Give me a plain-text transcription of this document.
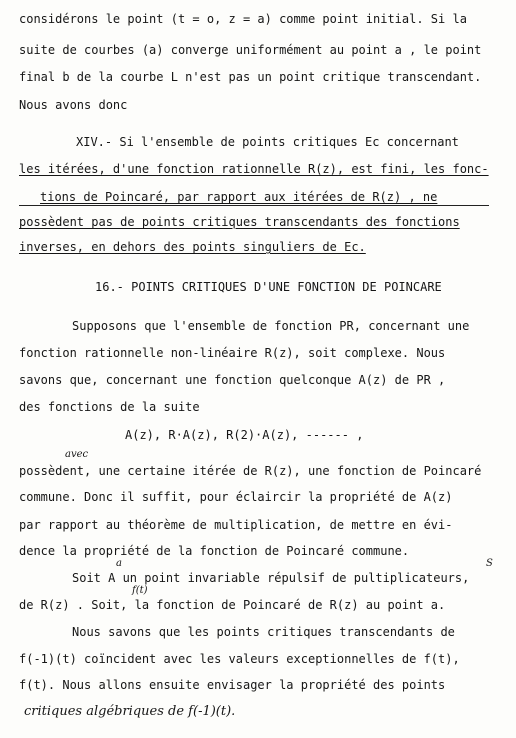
considérons le point (t = o, z = a) comme point initial. Si la
suite de courbes (a) converge uniformément au point a , le point
final b de la courbe L n'est pas un point critique transcendant.
Nous avons donc
XIV.- Si l'ensemble de points critiques Ec concernant
les itérées, d'une fonction rationnelle R(z), est fini, les fonc-
tions de Poincaré, par rapport aux itérées de R(z) , ne
possèdent pas de points critiques transcendants des fonctions
inverses, en dehors des points singuliers de Ec.
16.- POINTS CRITIQUES D'UNE FONCTION DE POINCARE
Supposons que l'ensemble de fonction PR, concernant une
fonction rationnelle non-linéaire R(z), soit complexe. Nous
savons que, concernant une fonction quelconque A(z) de PR ,
des fonctions de la suite
A(z), R·A(z), R(2)·A(z), ------ ,
avec
possèdent, une certaine itérée de R(z), une fonction de Poincaré
commune. Donc il suffit, pour éclaircir la propriété de A(z)
par rapport au théorème de multiplication, de mettre en évi-
dence la propriété de la fonction de Poincaré commune.
a	S
Soit A un point invariable répulsif de pultiplicateurs,
f(t)
de R(z) . Soit, la fonction de Poincaré de R(z) au point a.
Nous savons que les points critiques transcendants de
f(-1)(t) coïncident avec les valeurs exceptionnelles de f(t),
f(t). Nous allons ensuite envisager la propriété des points
critiques algébriques de f(-1)(t).
